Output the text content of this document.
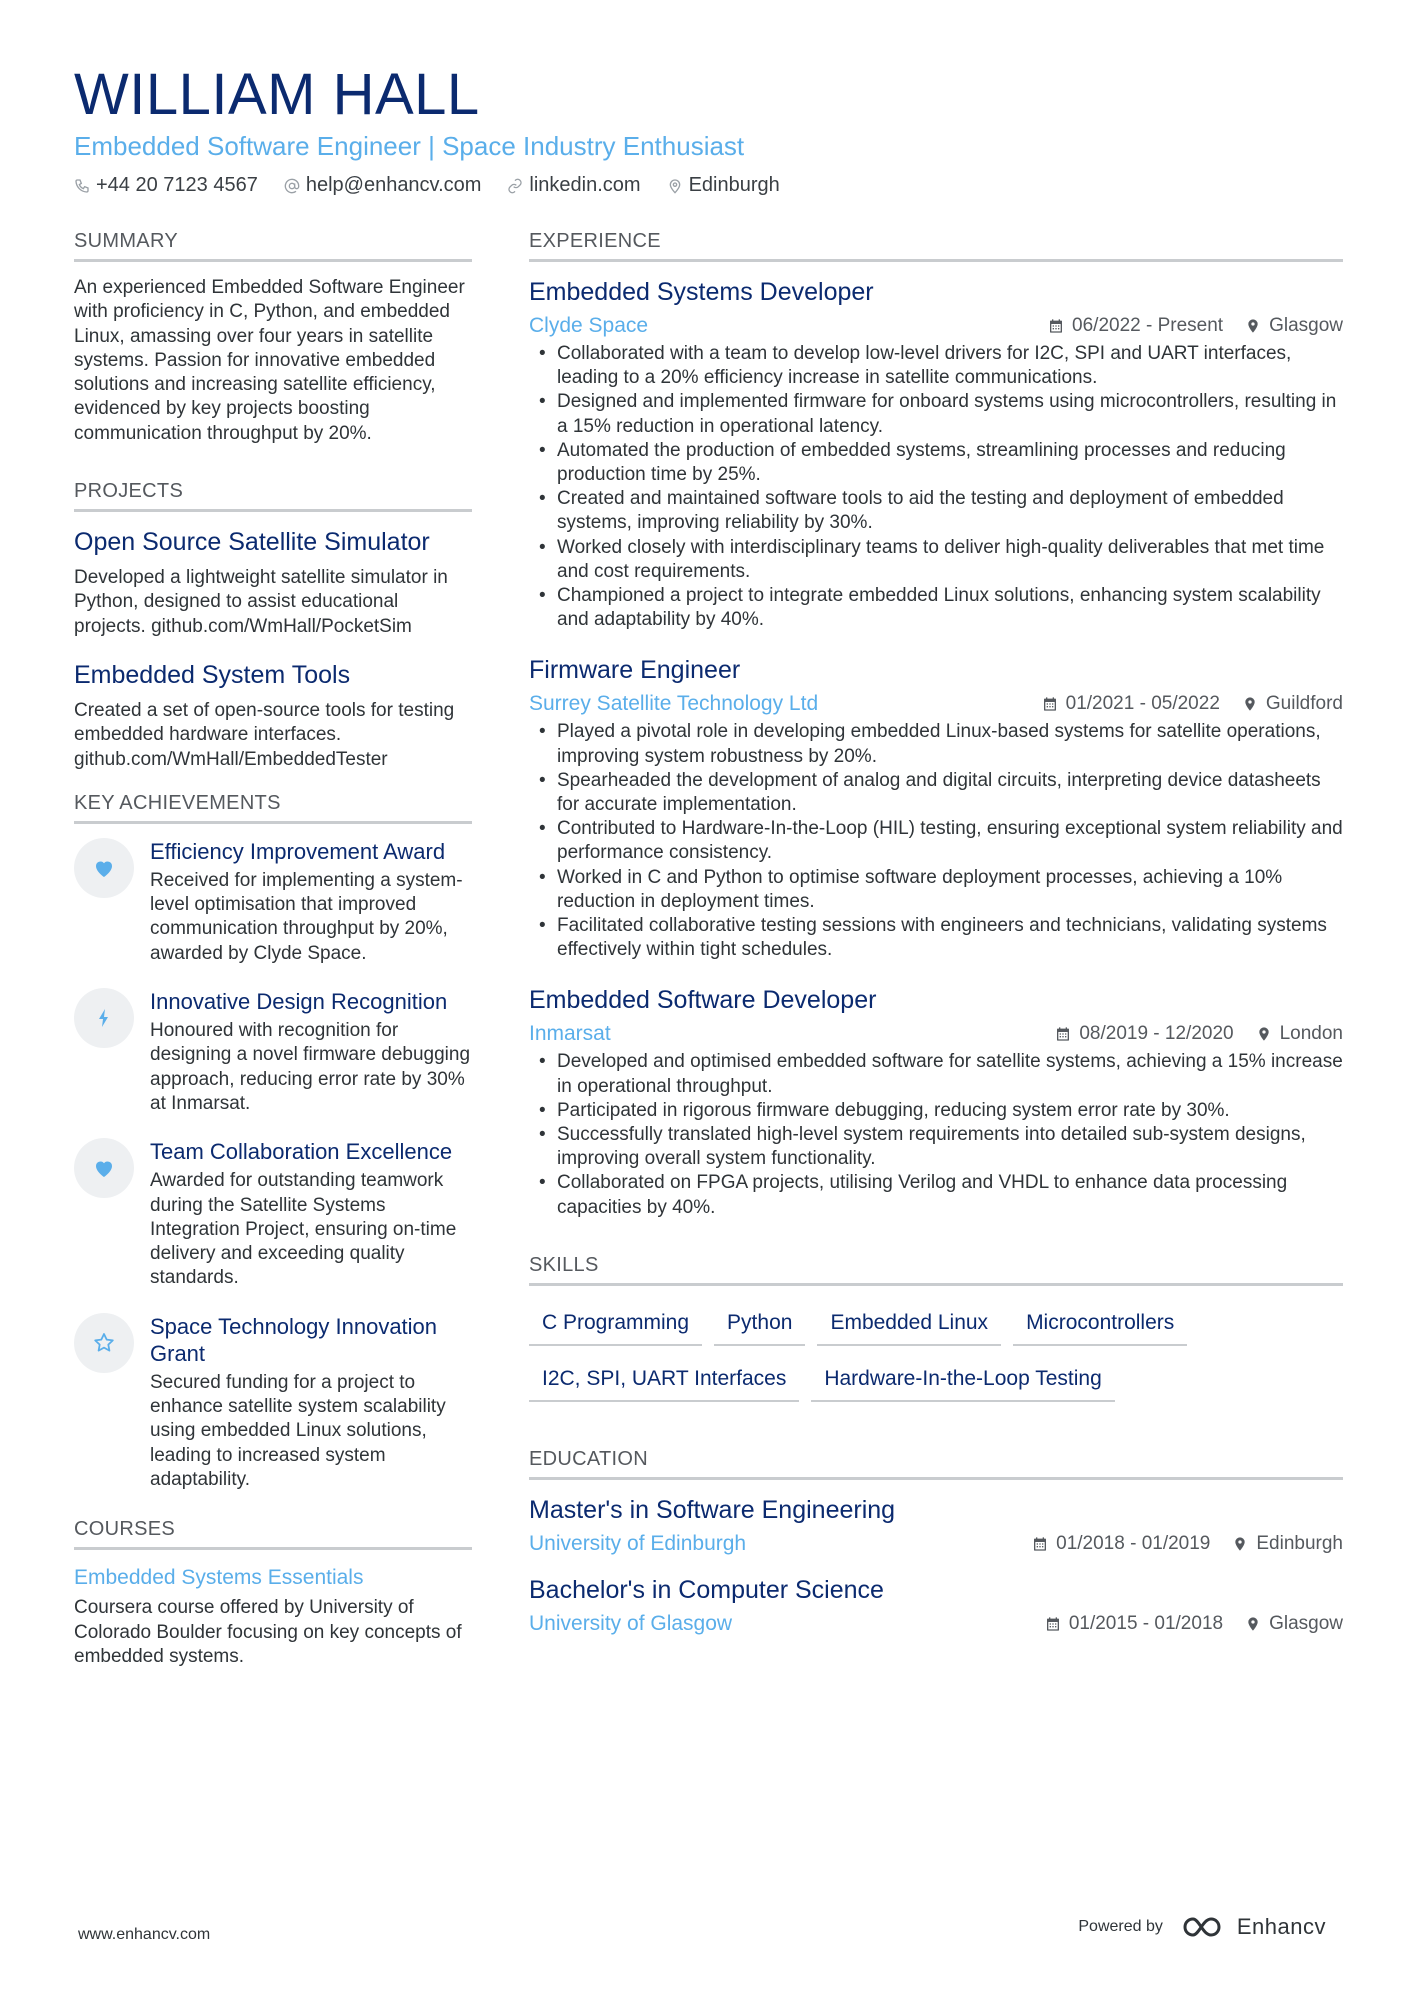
WILLIAM HALL
Embedded Software Engineer | Space Industry Enthusiast
+44 20 7123 4567 help@enhancv.com linkedin.com Edinburgh
SUMMARY

An experienced Embedded Software Engineer with proficiency in C, Python, and embedded Linux, amassing over four years in satellite systems. Passion for innovative embedded solutions and increasing satellite efficiency, evidenced by key projects boosting communication throughput by 20%.

PROJECTS
Open Source Satellite Simulator

Developed a lightweight satellite simulator in Python, designed to assist educational projects. github.com/WmHall/PocketSim

Embedded System Tools

Created a set of open-source tools for testing embedded hardware interfaces. github.com/WmHall/EmbeddedTester

KEY ACHIEVEMENTS
Efficiency Improvement Award

Received for implementing a system-level optimisation that improved communication throughput by 20%, awarded by Clyde Space.

Innovative Design Recognition

Honoured with recognition for designing a novel firmware debugging approach, reducing error rate by 30% at Inmarsat.

Team Collaboration Excellence

Awarded for outstanding teamwork during the Satellite Systems Integration Project, ensuring on-time delivery and exceeding quality standards.

Space Technology Innovation Grant

Secured funding for a project to enhance satellite system scalability using embedded Linux solutions, leading to increased system adaptability.

COURSES
Embedded Systems Essentials

Coursera course offered by University of Colorado Boulder focusing on key concepts of embedded systems.

EXPERIENCE
Embedded Systems Developer
Clyde Space	06/2022 - Present Glasgow
• Collaborated with a team to develop low-level drivers for I2C, SPI and UART interfaces, leading to a 20% efficiency increase in satellite communications.
• Designed and implemented firmware for onboard systems using microcontrollers, resulting in a 15% reduction in operational latency.
• Automated the production of embedded systems, streamlining processes and reducing production time by 25%.
• Created and maintained software tools to aid the testing and deployment of embedded systems, improving reliability by 30%.
• Worked closely with interdisciplinary teams to deliver high-quality deliverables that met time and cost requirements.
• Championed a project to integrate embedded Linux solutions, enhancing system scalability and adaptability by 40%.
Firmware Engineer
Surrey Satellite Technology Ltd	01/2021 - 05/2022 Guildford
• Played a pivotal role in developing embedded Linux-based systems for satellite operations, improving system robustness by 20%.
• Spearheaded the development of analog and digital circuits, interpreting device datasheets for accurate implementation.
• Contributed to Hardware-In-the-Loop (HIL) testing, ensuring exceptional system reliability and performance consistency.
• Worked in C and Python to optimise software deployment processes, achieving a 10% reduction in deployment times.
• Facilitated collaborative testing sessions with engineers and technicians, validating systems effectively within tight schedules.
Embedded Software Developer
Inmarsat	08/2019 - 12/2020 London
• Developed and optimised embedded software for satellite systems, achieving a 15% increase in operational throughput.
• Participated in rigorous firmware debugging, reducing system error rate by 30%.
• Successfully translated high-level system requirements into detailed sub-system designs, improving overall system functionality.
• Collaborated on FPGA projects, utilising Verilog and VHDL to enhance data processing capacities by 40%.
SKILLS
C Programming	Python	Embedded Linux	Microcontrollers
I2C, SPI, UART Interfaces	Hardware-In-the-Loop Testing
EDUCATION
Master's in Software Engineering
University of Edinburgh	01/2018 - 01/2019 Edinburgh
Bachelor's in Computer Science
University of Glasgow	01/2015 - 01/2018 Glasgow
www.enhancv.com	Powered by	Enhancv
